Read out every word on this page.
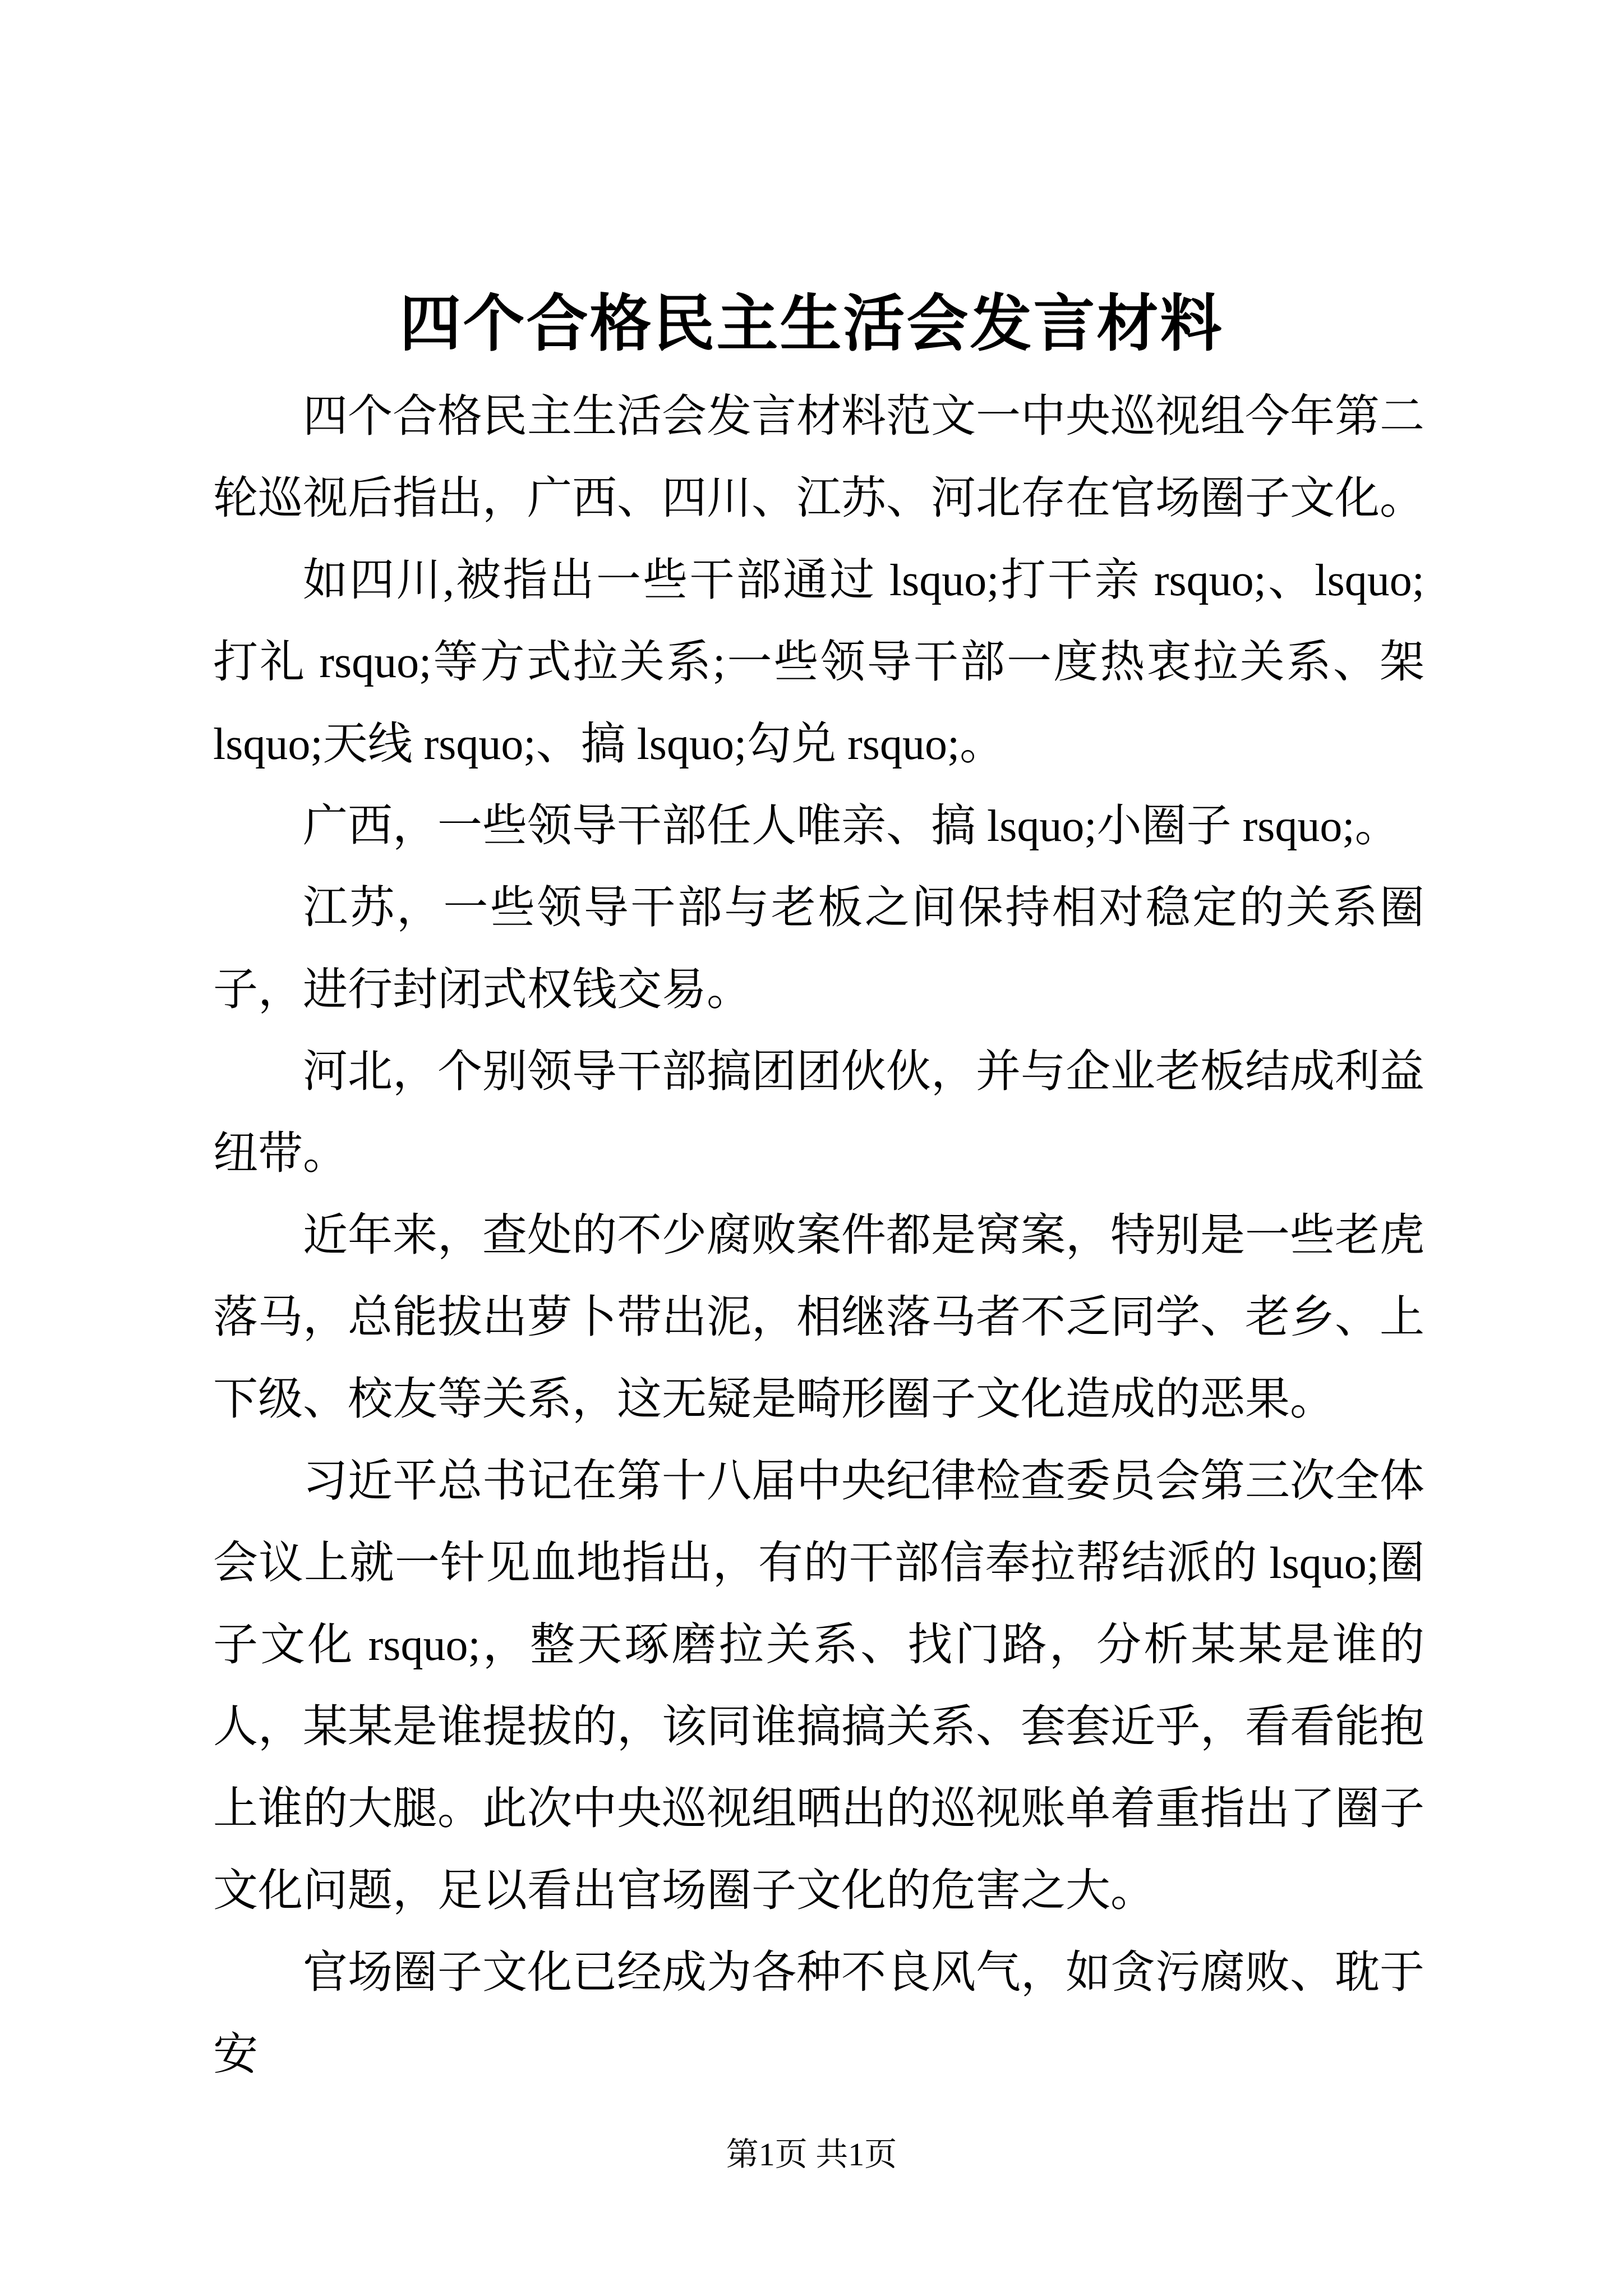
四个合格民主生活会发言材料

四个合格民主生活会发言材料范文一中央巡视组今年第二轮巡视后指出，广西、四川、江苏、河北存在官场圈子文化。

如四川,被指出一些干部通过 lsquo;打干亲 rsquo;、lsquo;打礼 rsquo;等方式拉关系;一些领导干部一度热衷拉关系、架 lsquo;天线 rsquo;、搞 lsquo;勾兑 rsquo;。

广西，一些领导干部任人唯亲、搞 lsquo;小圈子 rsquo;。

江苏，一些领导干部与老板之间保持相对稳定的关系圈子，进行封闭式权钱交易。

河北，个别领导干部搞团团伙伙，并与企业老板结成利益纽带。

近年来，查处的不少腐败案件都是窝案，特别是一些老虎落马，总能拔出萝卜带出泥，相继落马者不乏同学、老乡、上下级、校友等关系，这无疑是畸形圈子文化造成的恶果。

习近平总书记在第十八届中央纪律检查委员会第三次全体会议上就一针见血地指出，有的干部信奉拉帮结派的 lsquo;圈子文化 rsquo;，整天琢磨拉关系、找门路，分析某某是谁的人，某某是谁提拔的，该同谁搞搞关系、套套近乎，看看能抱上谁的大腿。此次中央巡视组晒出的巡视账单着重指出了圈子文化问题，足以看出官场圈子文化的危害之大。

官场圈子文化已经成为各种不良风气，如贪污腐败、耽于安

第1页 共1页
